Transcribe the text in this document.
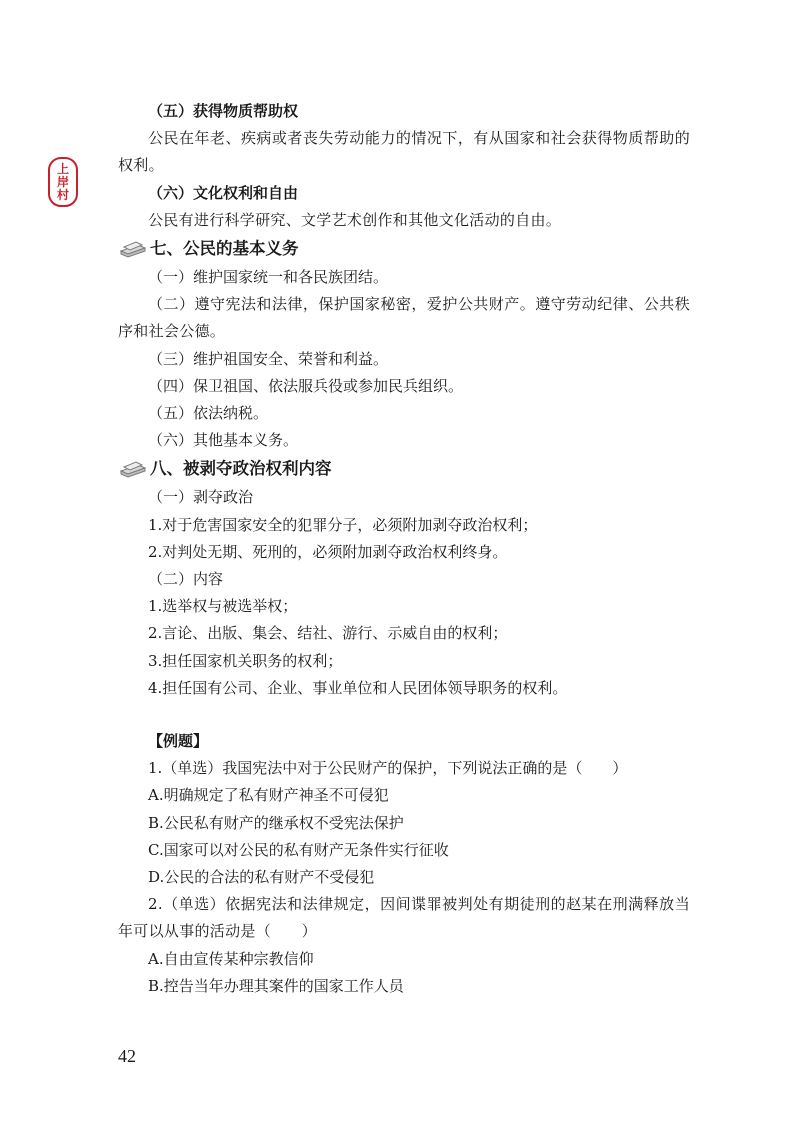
上
岸
村
（五）获得物质帮助权
公民在年老、疾病或者丧失劳动能力的情况下，有从国家和社会获得物质帮助的权利。
（六）文化权利和自由
公民有进行科学研究、文学艺术创作和其他文化活动的自由。
七、公民的基本义务
（一）维护国家统一和各民族团结。
（二）遵守宪法和法律，保护国家秘密，爱护公共财产。遵守劳动纪律、公共秩序和社会公德。
（三）维护祖国安全、荣誉和利益。
（四）保卫祖国、依法服兵役或参加民兵组织。
（五）依法纳税。
（六）其他基本义务。
八、被剥夺政治权利内容
（一）剥夺政治
1.对于危害国家安全的犯罪分子，必须附加剥夺政治权利；
2.对判处无期、死刑的，必须附加剥夺政治权利终身。
（二）内容
1.选举权与被选举权；
2.言论、出版、集会、结社、游行、示威自由的权利；
3.担任国家机关职务的权利；
4.担任国有公司、企业、事业单位和人民团体领导职务的权利。
【例题】
1.（单选）我国宪法中对于公民财产的保护，下列说法正确的是（　　）
A.明确规定了私有财产神圣不可侵犯
B.公民私有财产的继承权不受宪法保护
C.国家可以对公民的私有财产无条件实行征收
D.公民的合法的私有财产不受侵犯
2.（单选）依据宪法和法律规定，因间谍罪被判处有期徒刑的赵某在刑满释放当年可以从事的活动是（　　）
A.自由宣传某种宗教信仰
B.控告当年办理其案件的国家工作人员
42
